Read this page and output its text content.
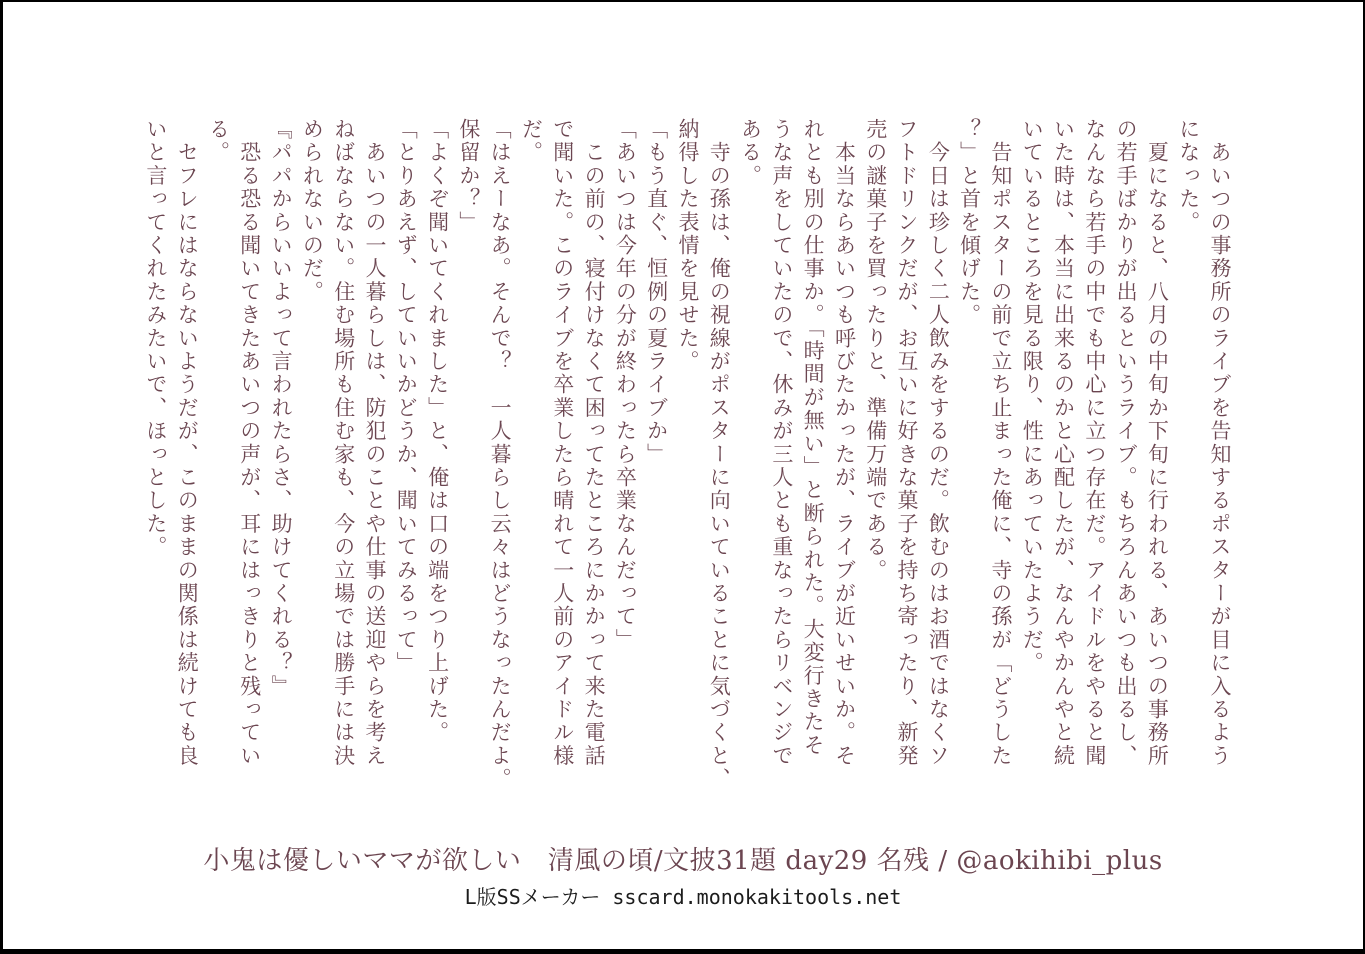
　あいつの事務所のライブを告知するポスターが目に入るよう
になった。
　夏になると、八月の中旬か下旬に行われる、あいつの事務所
の若手ばかりが出るというライブ。もちろんあいつも出るし、
なんなら若手の中でも中心に立つ存在だ。アイドルをやると聞
いた時は、本当に出来るのかと心配したが、なんやかんやと続
いているところを見る限り、性にあっていたようだ。
　告知ポスターの前で立ち止まった俺に、寺の孫が「どうした
？」と首を傾げた。
　今日は珍しく二人飲みをするのだ。飲むのはお酒ではなくソ
フトドリンクだが、お互いに好きな菓子を持ち寄ったり、新発
売の謎菓子を買ったりと、準備万端である。
　本当ならあいつも呼びたかったが、ライブが近いせいか。そ
れとも別の仕事か。「時間が無い」と断られた。大変行きたそ
うな声をしていたので、休みが三人とも重なったらリベンジで
ある。
　寺の孫は、俺の視線がポスターに向いていることに気づくと、
納得した表情を見せた。
「もう直ぐ、恒例の夏ライブか」
「あいつは今年の分が終わったら卒業なんだって」
　この前の、寝付けなくて困ってたところにかかって来た電話
で聞いた。このライブを卒業したら晴れて一人前のアイドル様
だ。
「はえーなあ。そんで？　一人暮らし云々はどうなったんだよ。
保留か？」
「よくぞ聞いてくれました」と、俺は口の端をつり上げた。
「とりあえず、していいかどうか、聞いてみるって」
　あいつの一人暮らしは、防犯のことや仕事の送迎やらを考え
ねばならない。住む場所も住む家も、今の立場では勝手には決
められないのだ。
『パパからいいよって言われたらさ、助けてくれる？』
　恐る恐る聞いてきたあいつの声が、耳にはっきりと残ってい
る。
　セフレにはならないようだが、このままの関係は続けても良
いと言ってくれたみたいで、ほっとした。
小鬼は優しいママが欲しい　清風の頃/文披31題 day29 名残 / @aokihibi_plus
L版SSメーカー sscard.monokakitools.net
